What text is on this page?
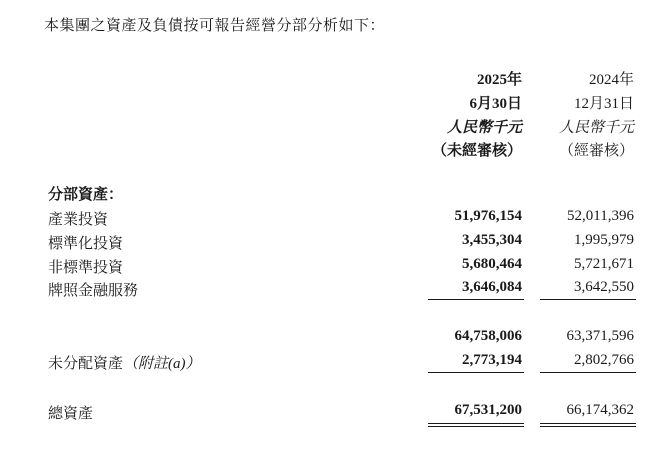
本集團之資產及負債按可報告經營分部分析如下：
2025年	2024年
6月30日	12月31日
人民幣千元 人民幣千元
（未經審核） （經審核）
分部資產：
產業投資	51,976,154	52,011,396
標準化投資	3,455,304	1,995,979
非標準投資	5,680,464	5,721,671
牌照金融服務	3,646,084	3,642,550
64,758,006	63,371,596
未分配資產（附註(a)）	2,773,194	2,802,766
總資產	67,531,200	66,174,362
